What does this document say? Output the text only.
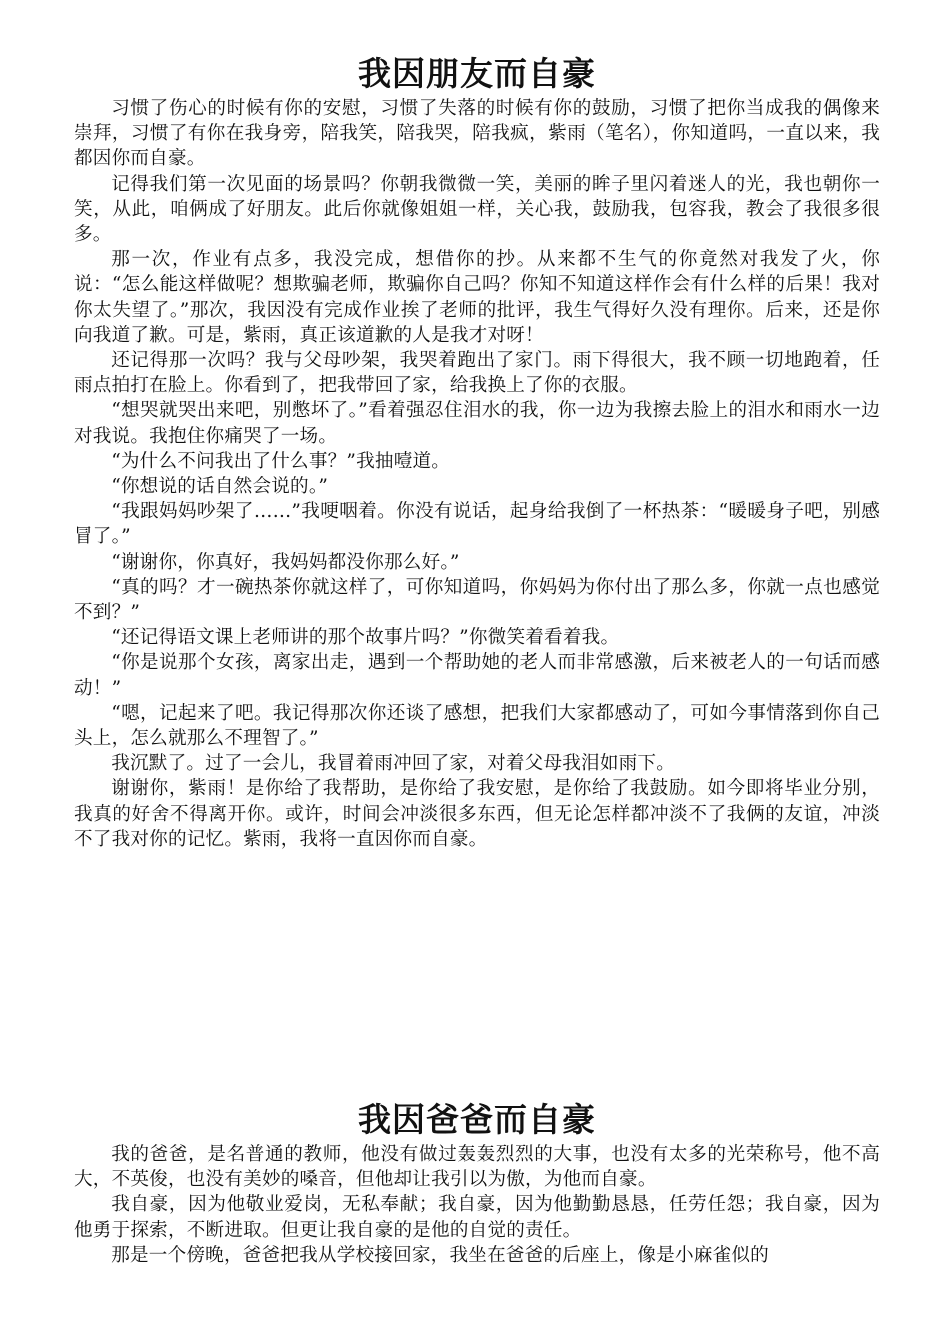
我因朋友而自豪

习惯了伤心的时候有你的安慰，习惯了失落的时候有你的鼓励，习惯了把你当成我的偶像来崇拜，习惯了有你在我身旁，陪我笑，陪我哭，陪我疯，紫雨（笔名），你知道吗，一直以来，我都因你而自豪。

记得我们第一次见面的场景吗？你朝我微微一笑，美丽的眸子里闪着迷人的光，我也朝你一笑，从此，咱俩成了好朋友。此后你就像姐姐一样，关心我，鼓励我，包容我，教会了我很多很多。

那一次，作业有点多，我没完成，想借你的抄。从来都不生气的你竟然对我发了火，你说：“怎么能这样做呢？想欺骗老师，欺骗你自己吗？你知不知道这样作会有什么样的后果！我对你太失望了。”那次，我因没有完成作业挨了老师的批评，我生气得好久没有理你。后来，还是你向我道了歉。可是，紫雨，真正该道歉的人是我才对呀！

还记得那一次吗？我与父母吵架，我哭着跑出了家门。雨下得很大，我不顾一切地跑着，任雨点拍打在脸上。你看到了，把我带回了家，给我换上了你的衣服。

“想哭就哭出来吧，别憋坏了。”看着强忍住泪水的我，你一边为我擦去脸上的泪水和雨水一边对我说。我抱住你痛哭了一场。

“为什么不问我出了什么事？”我抽噎道。

“你想说的话自然会说的。”

“我跟妈妈吵架了……”我哽咽着。你没有说话，起身给我倒了一杯热茶：“暖暖身子吧，别感冒了。”

“谢谢你，你真好，我妈妈都没你那么好。”

“真的吗？才一碗热茶你就这样了，可你知道吗，你妈妈为你付出了那么多，你就一点也感觉不到？”

“还记得语文课上老师讲的那个故事片吗？”你微笑着看着我。

“你是说那个女孩，离家出走，遇到一个帮助她的老人而非常感激，后来被老人的一句话而感动！”

“嗯，记起来了吧。我记得那次你还谈了感想，把我们大家都感动了，可如今事情落到你自己头上，怎么就那么不理智了。”

我沉默了。过了一会儿，我冒着雨冲回了家，对着父母我泪如雨下。

谢谢你，紫雨！是你给了我帮助，是你给了我安慰，是你给了我鼓励。如今即将毕业分别，我真的好舍不得离开你。或许，时间会冲淡很多东西，但无论怎样都冲淡不了我俩的友谊，冲淡不了我对你的记忆。紫雨，我将一直因你而自豪。

我因爸爸而自豪

我的爸爸，是名普通的教师，他没有做过轰轰烈烈的大事，也没有太多的光荣称号，他不高大，不英俊，也没有美妙的嗓音，但他却让我引以为傲，为他而自豪。

我自豪，因为他敬业爱岗，无私奉献；我自豪，因为他勤勤恳恳，任劳任怨；我自豪，因为他勇于探索，不断进取。但更让我自豪的是他的自觉的责任。

那是一个傍晚，爸爸把我从学校接回家，我坐在爸爸的后座上，像是小麻雀似的
